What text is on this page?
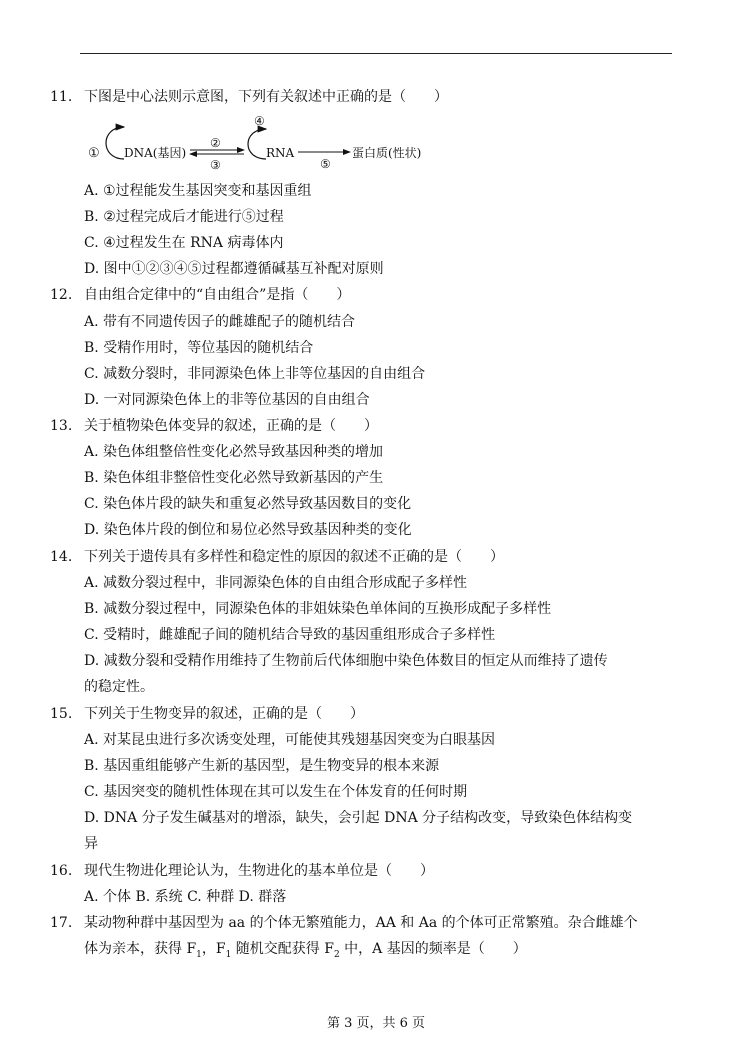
11. 下图是中心法则示意图，下列有关叙述中正确的是（　　）
① DNA(基因)
②
③
④
RNA
⑤
蛋白质(性状)
A. ①过程能发生基因突变和基因重组
B. ②过程完成后才能进行⑤过程
C. ④过程发生在 RNA 病毒体内
D. 图中①②③④⑤过程都遵循碱基互补配对原则
12. 自由组合定律中的“自由组合”是指（　　）
A. 带有不同遗传因子的雌雄配子的随机结合
B. 受精作用时，等位基因的随机结合
C. 减数分裂时，非同源染色体上非等位基因的自由组合
D. 一对同源染色体上的非等位基因的自由组合
13. 关于植物染色体变异的叙述，正确的是（　　）
A. 染色体组整倍性变化必然导致基因种类的增加
B. 染色体组非整倍性变化必然导致新基因的产生
C. 染色体片段的缺失和重复必然导致基因数目的变化
D. 染色体片段的倒位和易位必然导致基因种类的变化
14. 下列关于遗传具有多样性和稳定性的原因的叙述不正确的是（　　）
A. 减数分裂过程中，非同源染色体的自由组合形成配子多样性
B. 减数分裂过程中，同源染色体的非姐妹染色单体间的互换形成配子多样性
C. 受精时，雌雄配子间的随机结合导致的基因重组形成合子多样性
D. 减数分裂和受精作用维持了生物前后代体细胞中染色体数目的恒定从而维持了遗传
的稳定性。
15. 下列关于生物变异的叙述，正确的是（　　）
A. 对某昆虫进行多次诱变处理，可能使其残翅基因突变为白眼基因
B. 基因重组能够产生新的基因型，是生物变异的根本来源
C. 基因突变的随机性体现在其可以发生在个体发育的任何时期
D. DNA 分子发生碱基对的增添，缺失，会引起 DNA 分子结构改变，导致染色体结构变
异
16. 现代生物进化理论认为，生物进化的基本单位是（　　）
A. 个体 B. 系统 C. 种群 D. 群落
17. 某动物种群中基因型为 aa 的个体无繁殖能力，AA 和 Aa 的个体可正常繁殖。杂合雌雄个
体为亲本，获得 $F_1$，$F_1$ 随机交配获得 $F_2$ 中，A 基因的频率是（　　）
第 3 页，共 6 页
